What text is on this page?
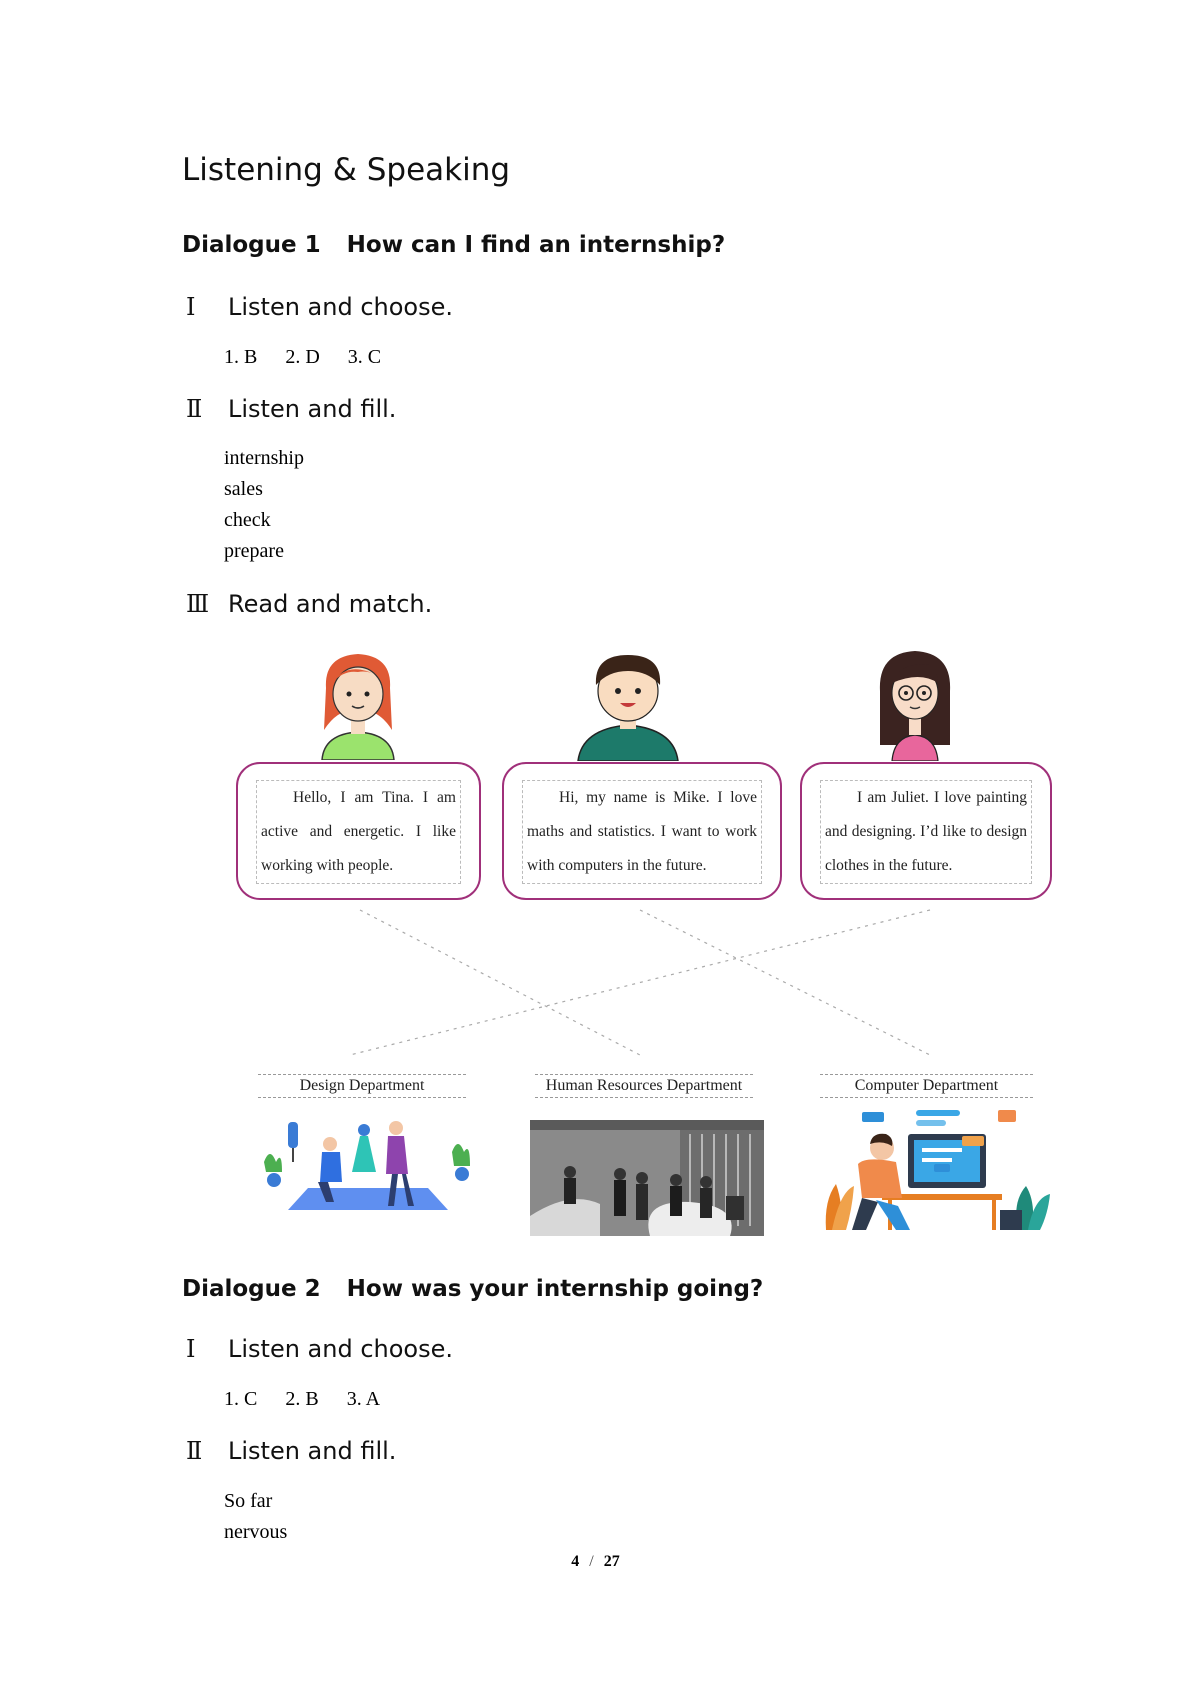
Listening & Speaking
Dialogue 1 How can I find an internship?
Ⅰ Listen and choose.
1. B 2. D 3. C
Ⅱ Listen and fill.
internship
sales
check
prepare
Ⅲ Read and match.
Hello, I am Tina. I am active and energetic. I like working with people.
Hi, my name is Mike. I love maths and statistics. I want to work with computers in the future.
I am Juliet. I love painting and designing. I’d like to design clothes in the future.
Design Department	Human Resources Department	Computer Department
Dialogue 2 How was your internship going?
Ⅰ Listen and choose.
1. C 2. B 3. A
Ⅱ Listen and fill.
So far
nervous
4 / 27
